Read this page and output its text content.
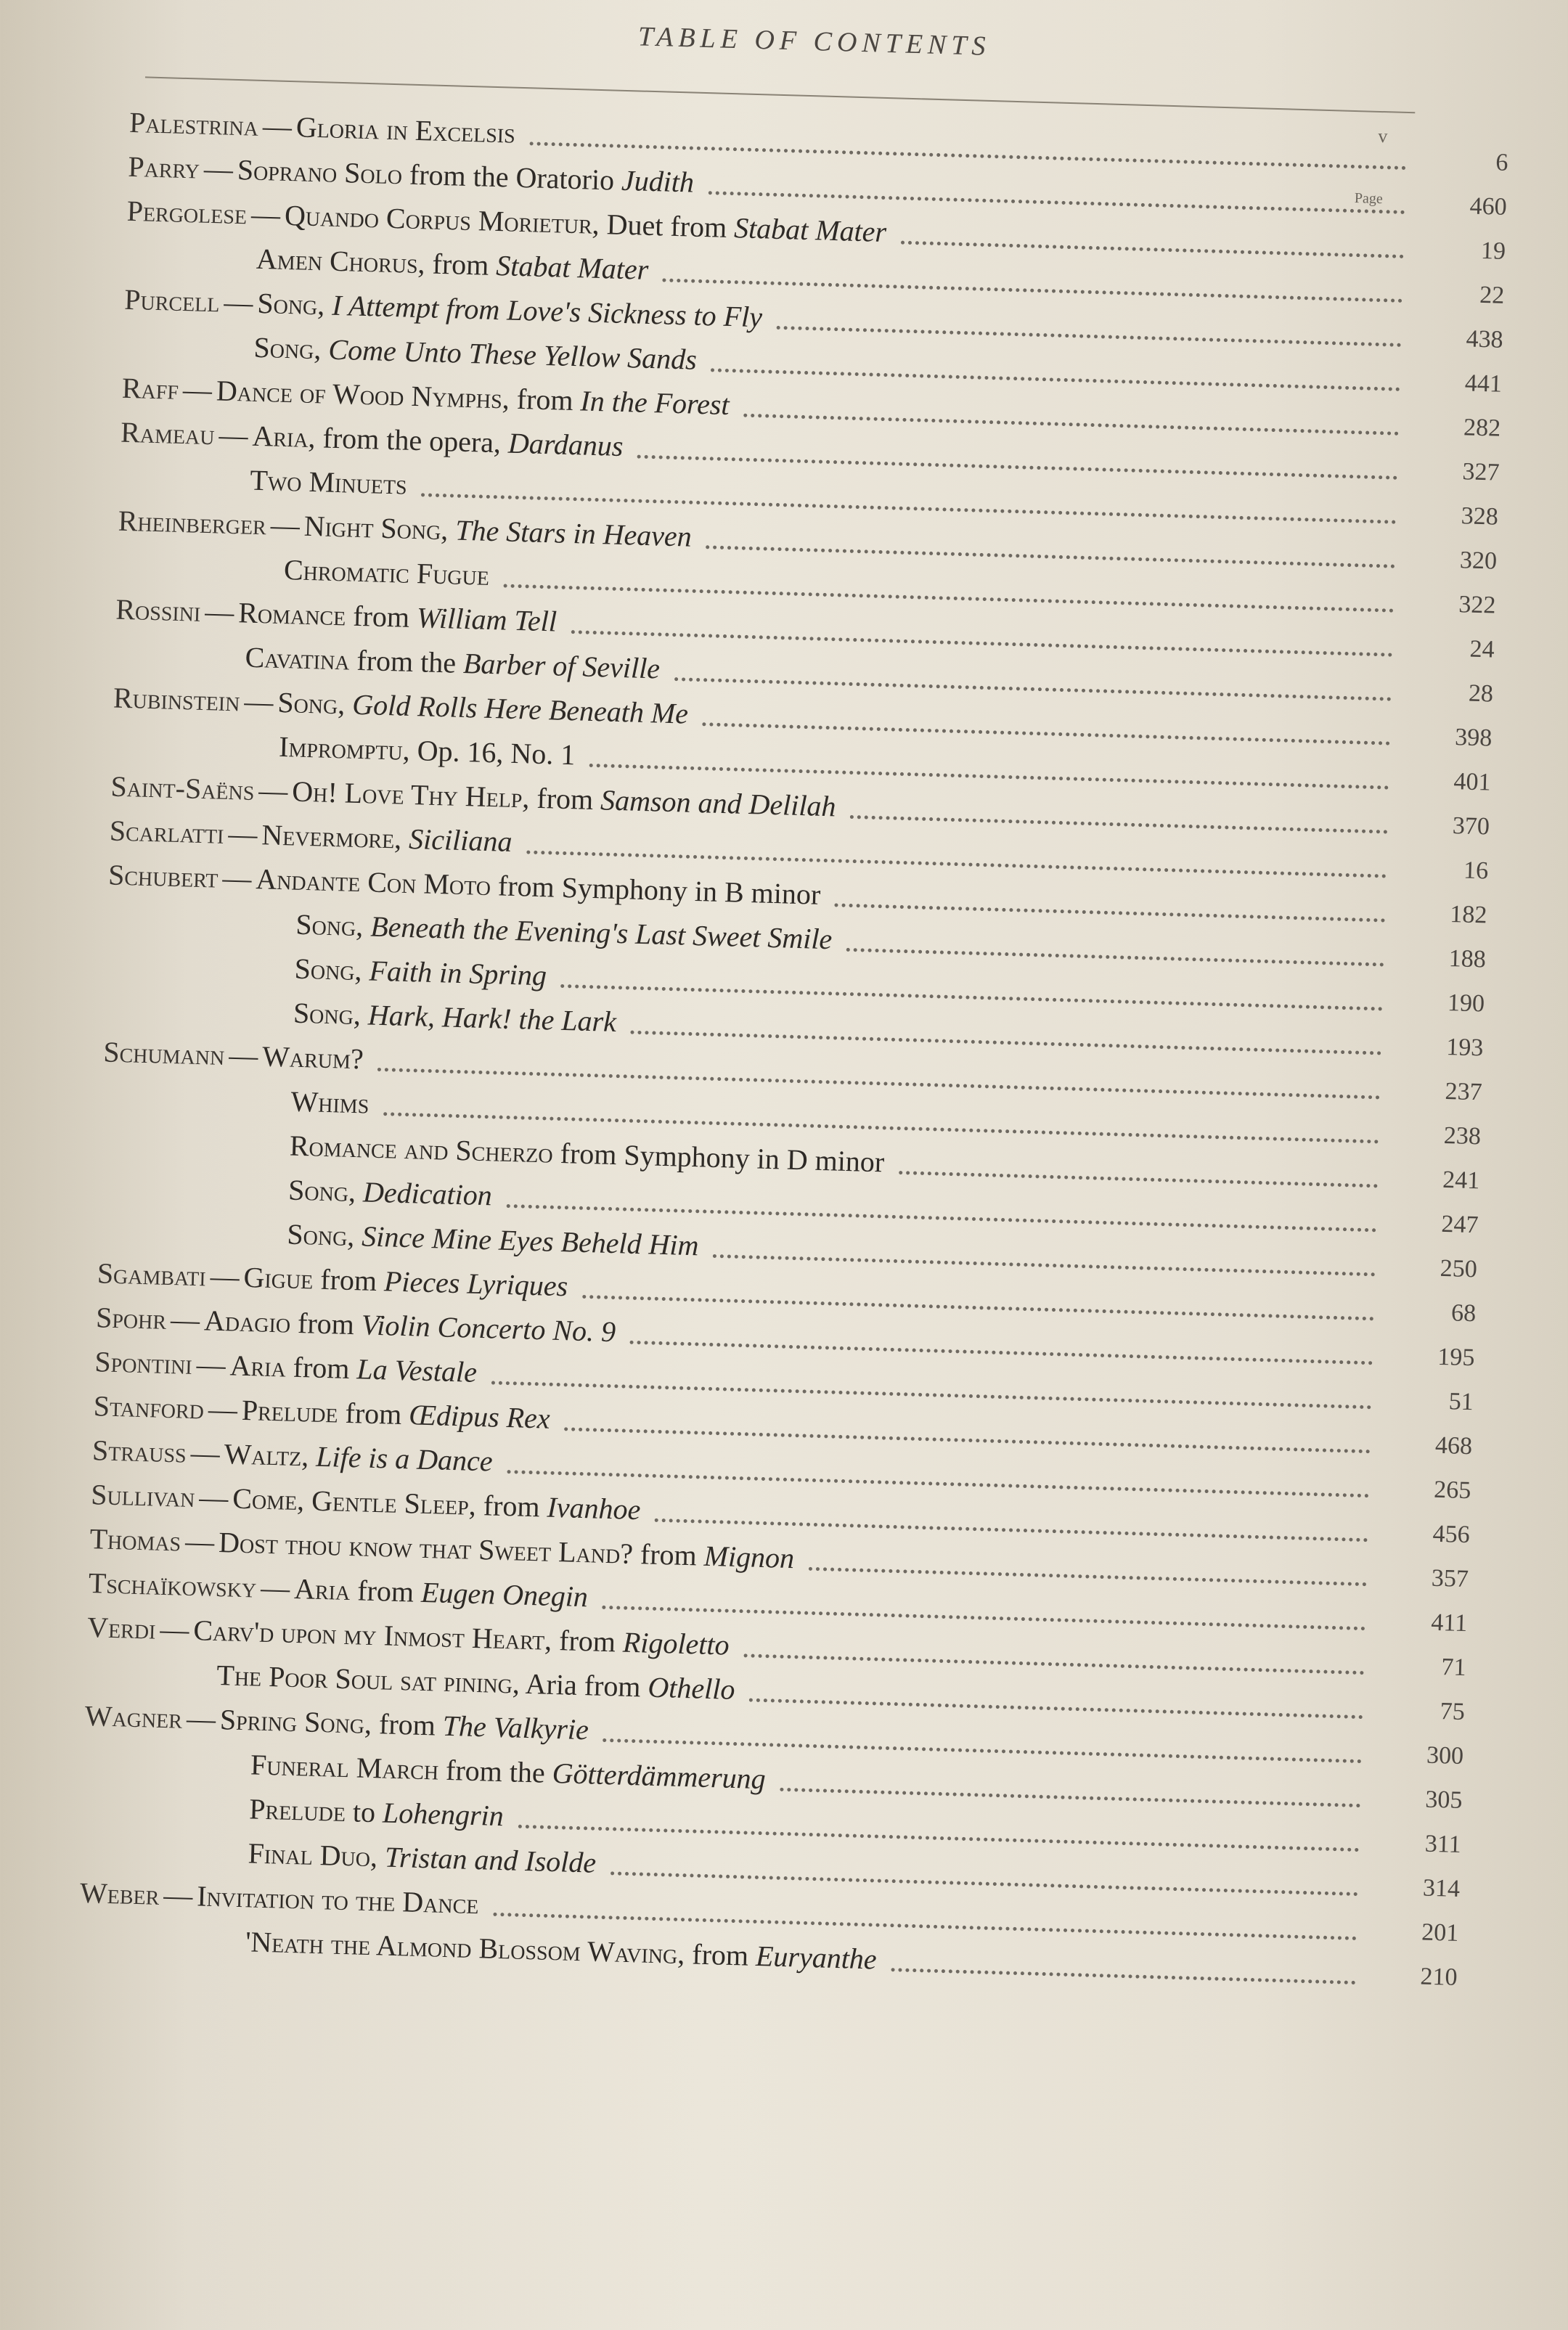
TABLE OF CONTENTS
v
Page
Palestrina — Gloria in Excelsis
6
Parry — Soprano Solo from the Oratorio Judith
460
Pergolese — Quando Corpus Morietur, Duet from Stabat Mater
19
Amen Chorus, from Stabat Mater
22
Purcell — Song, I Attempt from Love's Sickness to Fly
438
Song, Come Unto These Yellow Sands
441
Raff — Dance of Wood Nymphs, from In the Forest
282
Rameau — Aria, from the opera, Dardanus
327
Two Minuets
328
Rheinberger — Night Song, The Stars in Heaven
320
Chromatic Fugue
322
Rossini — Romance from William Tell
24
Cavatina from the Barber of Seville
28
Rubinstein — Song, Gold Rolls Here Beneath Me
398
Impromptu, Op. 16, No. 1
401
Saint-Saëns — Oh! Love Thy Help, from Samson and Delilah
370
Scarlatti — Nevermore, Siciliana
16
Schubert — Andante Con Moto from Symphony in B minor
182
Song, Beneath the Evening's Last Sweet Smile
188
Song, Faith in Spring
190
Song, Hark, Hark! the Lark
193
Schumann — Warum?
237
Whims
238
Romance and Scherzo from Symphony in D minor
241
Song, Dedication
247
Song, Since Mine Eyes Beheld Him
250
Sgambati — Gigue from Pieces Lyriques
68
Spohr — Adagio from Violin Concerto No. 9
195
Spontini — Aria from La Vestale
51
Stanford — Prelude from Œdipus Rex
468
Strauss — Waltz, Life is a Dance
265
Sullivan — Come, Gentle Sleep, from Ivanhoe
456
Thomas — Dost thou know that Sweet Land? from Mignon
357
Tschaïkowsky — Aria from Eugen Onegin
411
Verdi — Carv'd upon my Inmost Heart, from Rigoletto
71
The Poor Soul sat pining, Aria from Othello
75
Wagner — Spring Song, from The Valkyrie
300
Funeral March from the Götterdämmerung
305
Prelude to Lohengrin
311
Final Duo, Tristan and Isolde
314
Weber — Invitation to the Dance
201
'Neath the Almond Blossom Waving, from Euryanthe
210
